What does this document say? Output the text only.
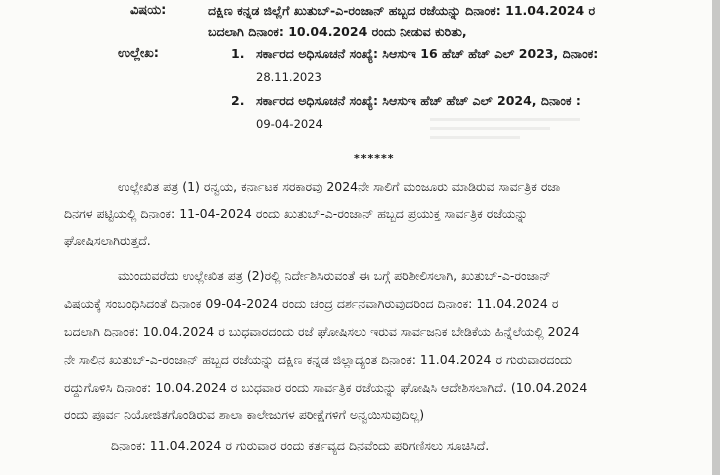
ವಿಷಯ:	ದಕ್ಷಿಣ ಕನ್ನಡ ಜಿಲ್ಲೆಗೆ ಖುತುಬ್-ಎ-ರಂಜಾನ್ ಹಬ್ಬದ ರಜೆಯನ್ನು ದಿನಾಂಕ: 11.04.2024 ರ
ಬದಲಾಗಿ ದಿನಾಂಕ: 10.04.2024 ರಂದು ನೀಡುವ ಕುರಿತು,
ಉಲ್ಲೇಖ:	1. ಸರ್ಕಾರದ ಅಧಿಸೂಚನೆ ಸಂಖ್ಯೆ: ಸಿಆಸುಇ 16 ಹೆಚ್ ಹೆಚ್ ಎಲ್ 2023, ದಿನಾಂಕ:
28.11.2023
2. ಸರ್ಕಾರದ ಅಧಿಸೂಚನೆ ಸಂಖ್ಯೆ: ಸಿಆಸುಇ ಹೆಚ್ ಹೆಚ್ ಎಲ್ 2024, ದಿನಾಂಕ :
09-04-2024
******
ಉಲ್ಲೇಖಿತ ಪತ್ರ (1) ರನ್ವಯ, ಕರ್ನಾಟಕ ಸರಕಾರವು 2024ನೇ ಸಾಲಿಗೆ ಮಂಜೂರು ಮಾಡಿರುವ ಸಾರ್ವತ್ರಿಕ ರಜಾ
ದಿನಗಳ ಪಟ್ಟಿಯಲ್ಲಿ ದಿನಾಂಕ: 11-04-2024 ರಂದು ಖುತುಬ್-ಎ-ರಂಜಾನ್ ಹಬ್ಬದ ಪ್ರಯುಕ್ತ ಸಾರ್ವತ್ರಿಕ ರಜೆಯನ್ನು
ಘೋಷಿಸಲಾಗಿರುತ್ತದೆ.
ಮುಂದುವರೆದು ಉಲ್ಲೇಖಿತ ಪತ್ರ (2)ರಲ್ಲಿ ನಿರ್ದೇಶಿಸಿರುವಂತೆ ಈ ಬಗ್ಗೆ ಪರಿಶೀಲಿಸಲಾಗಿ, ಖುತುಬ್-ಎ-ರಂಜಾನ್
ವಿಷಯಕ್ಕೆ ಸಂಬಂಧಿಸಿದಂತೆ ದಿನಾಂಕ 09-04-2024 ರಂದು ಚಂದ್ರ ದರ್ಶನವಾಗಿರುವುದರಿಂದ ದಿನಾಂಕ: 11.04.2024 ರ
ಬದಲಾಗಿ ದಿನಾಂಕ: 10.04.2024 ರ ಬುಧವಾರದಂದು ರಜೆ ಘೋಷಿಸಲು ಇರುವ ಸಾರ್ವಜನಿಕ ಬೇಡಿಕೆಯ ಹಿನ್ನೆಲೆಯಲ್ಲಿ 2024
ನೇ ಸಾಲಿನ ಖುತುಬ್-ಎ-ರಂಜಾನ್ ಹಬ್ಬದ ರಜೆಯನ್ನು ದಕ್ಷಿಣ ಕನ್ನಡ ಜಿಲ್ಲಾದ್ಯಂತ ದಿನಾಂಕ: 11.04.2024 ರ ಗುರುವಾರದಂದು
ರದ್ದುಗೊಳಿಸಿ ದಿನಾಂಕ: 10.04.2024 ರ ಬುಧವಾರ ರಂದು ಸಾರ್ವತ್ರಿಕ ರಜೆಯನ್ನು ಘೋಷಿಸಿ ಆದೇಶಿಸಲಾಗಿದೆ. (10.04.2024
ರಂದು ಪೂರ್ವ ನಿಯೋಜಿತಗೊಂಡಿರುವ ಶಾಲಾ ಕಾಲೇಜುಗಳ ಪರೀಕ್ಷೆಗಳಿಗೆ ಅನ್ವಯಿಸುವುದಿಲ್ಲ)
ದಿನಾಂಕ: 11.04.2024 ರ ಗುರುವಾರ ರಂದು ಕರ್ತವ್ಯದ ದಿನವೆಂದು ಪರಿಗಣಿಸಲು ಸೂಚಿಸಿದೆ.
